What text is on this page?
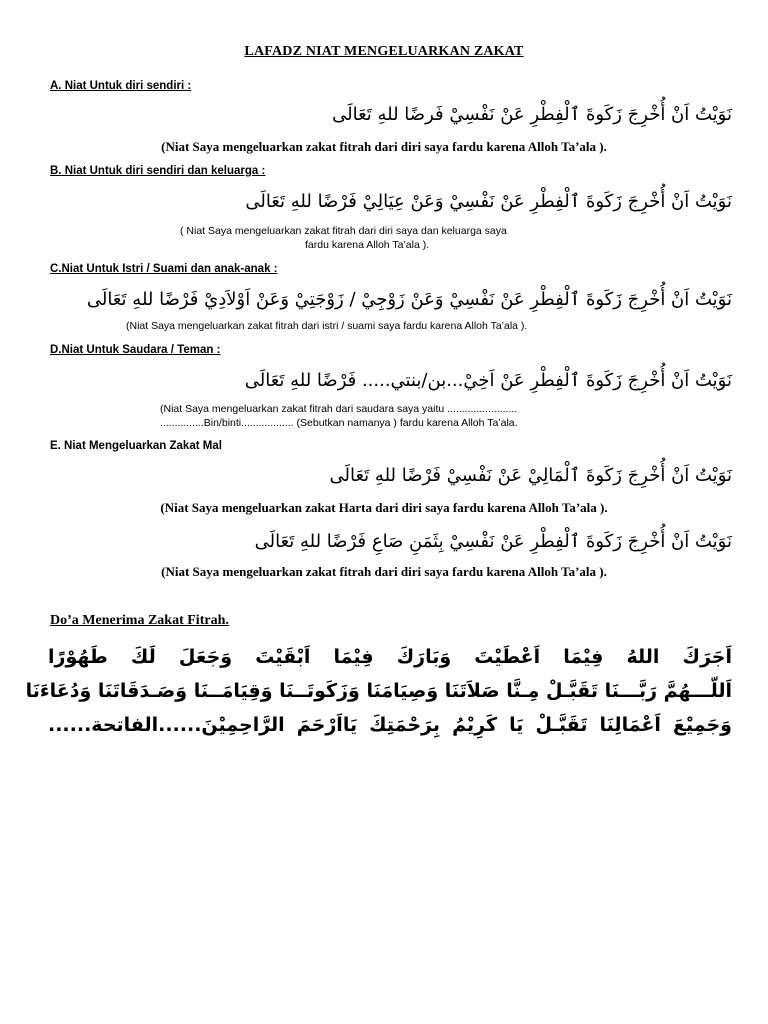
LAFADZ NIAT MENGELUARKAN ZAKAT
A. Niat Untuk diri sendiri :
نَوَيْتُ اَنْ أُخْرِجَ زَكَوةَ ٱلْفِطْرِ عَنْ نَفْسِيْ فَرضًا للهِ تَعَالَى
(Niat Saya mengeluarkan zakat fitrah dari diri saya fardu karena Alloh Ta’ala ).
B. Niat Untuk diri sendiri dan keluarga :
نَوَيْتُ اَنْ أُخْرِجَ زَكَوةَ ٱلْفِطْرِ عَنْ نَفْسِيْ وَعَنْ عِيَالِيْ فَرْضًا للهِ تَعَالَى
( Niat Saya mengeluarkan zakat fitrah dari diri saya dan keluarga saya
fardu karena Alloh Ta’ala ).
C.Niat Untuk Istri / Suami dan anak-anak :
نَوَيْتُ اَنْ أُخْرِجَ زَكَوةَ ٱلْفِطْرِ عَنْ نَفْسِيْ وَعَنْ زَوْجِيْ / زَوْجَتِيْ وَعَنْ اَوْلاَدِيْ فَرْضًا للهِ تَعَالَى
(Niat Saya mengeluarkan zakat fitrah dari istri / suami saya fardu karena Alloh Ta’ala ).
D.Niat Untuk Saudara / Teman :
نَوَيْتُ اَنْ أُخْرِجَ زَكَوةَ ٱلْفِطْرِ عَنْ اَخِيْ...بن/بنتي..... فَرْضًا للهِ تَعَالَى
(Niat Saya mengeluarkan zakat fitrah dari saudara saya yaitu ........................
...............Bin/binti.................. (Sebutkan namanya ) fardu karena Alloh Ta’ala.
E. Niat Mengeluarkan Zakat Mal
نَوَيْتُ اَنْ أُخْرِجَ زَكَوةَ ٱلْمَالِيْ عَنْ نَفْسِيْ فَرْضًا للهِ تَعَالَى
(Niat Saya mengeluarkan zakat Harta dari diri saya fardu karena Alloh Ta’ala ).
نَوَيْتُ اَنْ أُخْرِجَ زَكَوةَ ٱلْفِطْرِ عَنْ نَفْسِيْ بِثَمَنِ صَاعِ فَرْضًا للهِ تَعَالَى
(Niat Saya mengeluarkan zakat fitrah dari diri saya fardu karena Alloh Ta’ala ).
Do’a Menerima Zakat Fitrah.
اَجَرَكَ اللهُ فِيْمَا اَعْطَيْتَ وَبَارَكَ فِيْمَا اَبْقَيْتَ وَجَعَلَ لَكَ طَهُوْرًا
اَللّـــهُمَّ رَبَّـــنَا تَقَبَّـلْ مِـنَّا صَلاَتَنَا وَصِيَامَنَا وَزَكَوتَــنَا وَقِيَامَــنَا وَصَـدَقَاتَنَا وَدُعَاءَنَا
وَجَمِيْعَ اَعْمَالِنَا تَقَبَّـلْ يَا كَرِيْمُ بِرَحْمَتِكَ يَااَرْحَمَ الرَّاحِمِيْنَ......الفاتحة......
